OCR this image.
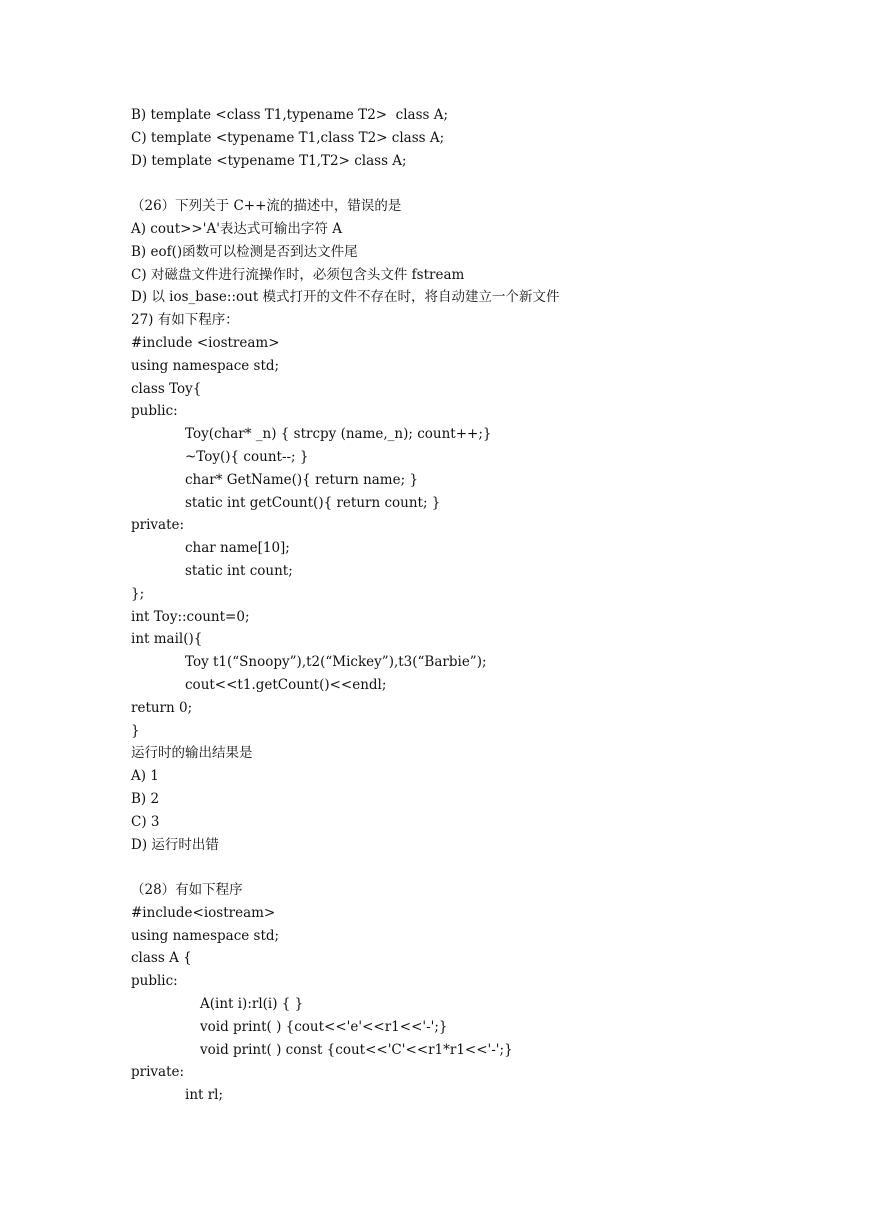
B) template <class T1,typename T2>  class A;
C) template <typename T1,class T2> class A;
D) template <typename T1,T2> class A;
（26）下列关于 C++流的描述中，错误的是
A) cout>>'A'表达式可输出字符 A
B) eof()函数可以检测是否到达文件尾
C) 对磁盘文件进行流操作时，必须包含头文件 fstream
D) 以 ios_base::out 模式打开的文件不存在时，将自动建立一个新文件
27) 有如下程序：
#include <iostream>
using namespace std;
class Toy{
public:
Toy(char* _n) { strcpy (name,_n); count++;}
~Toy(){ count--; }
char* GetName(){ return name; }
static int getCount(){ return count; }
private:
char name[10];
static int count;
};
int Toy::count=0;
int mail(){
Toy t1(“Snoopy”),t2(“Mickey”),t3(“Barbie”);
cout<<t1.getCount()<<endl;
return 0;
}
运行时的输出结果是
A) 1
B) 2
C) 3
D) 运行时出错
（28）有如下程序
#include<iostream>
using namespace std;
class A {
public:
A(int i):rl(i) { }
void print( ) {cout<<'e'<<r1<<'-';}
void print( ) const {cout<<'C'<<r1*r1<<'-';}
private:
int rl;
